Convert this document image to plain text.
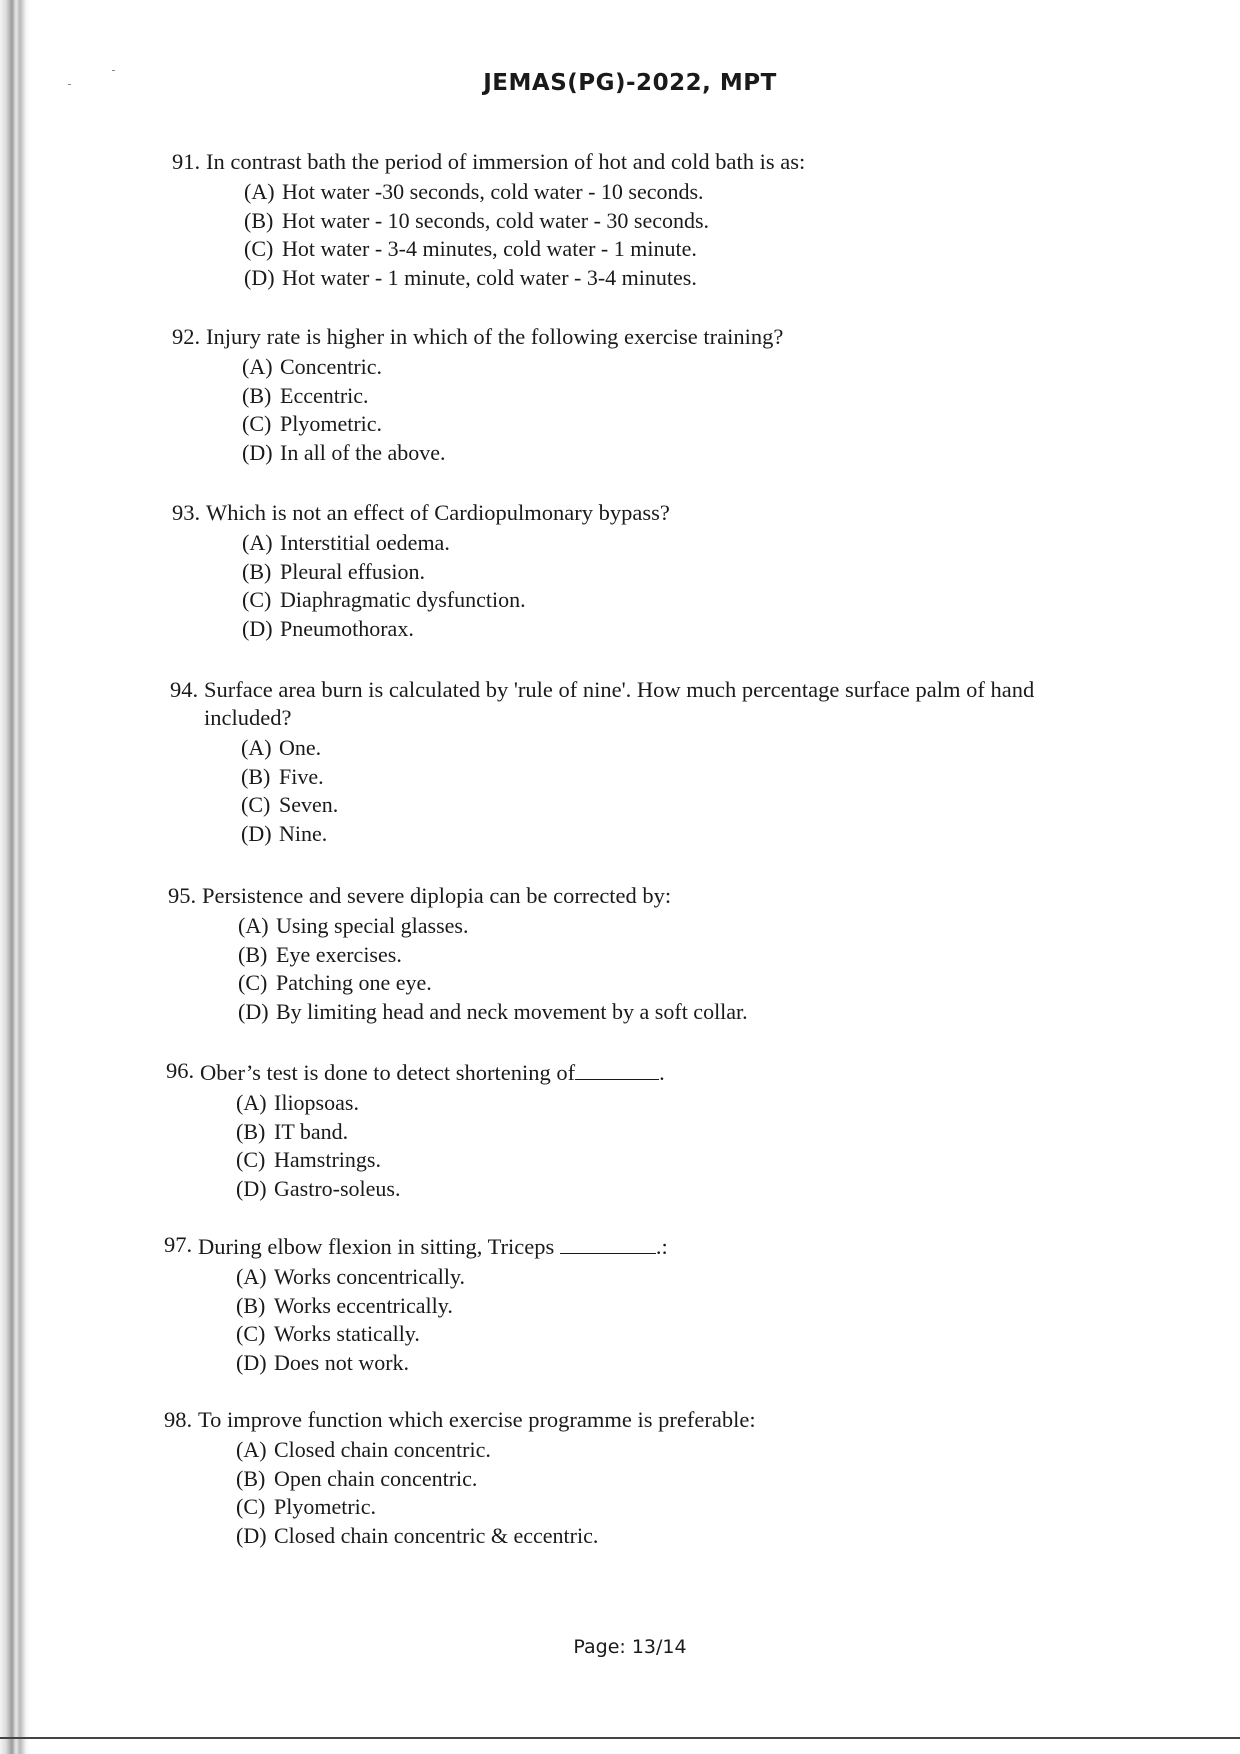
JEMAS(PG)-2022, MPT
91. In contrast bath the period of immersion of hot and cold bath is as:
(A) Hot water -30 seconds, cold water - 10 seconds.
(B) Hot water - 10 seconds, cold water - 30 seconds.
(C) Hot water - 3-4 minutes, cold water - 1 minute.
(D) Hot water - 1 minute, cold water - 3-4 minutes.
92. Injury rate is higher in which of the following exercise training?
(A) Concentric.
(B) Eccentric.
(C) Plyometric.
(D) In all of the above.
93. Which is not an effect of Cardiopulmonary bypass?
(A) Interstitial oedema.
(B) Pleural effusion.
(C) Diaphragmatic dysfunction.
(D) Pneumothorax.
94. Surface area burn is calculated by 'rule of nine'. How much percentage surface palm of hand included?
(A) One.
(B) Five.
(C) Seven.
(D) Nine.
95. Persistence and severe diplopia can be corrected by:
(A) Using special glasses.
(B) Eye exercises.
(C) Patching one eye.
(D) By limiting head and neck movement by a soft collar.
96. Ober’s test is done to detect shortening of	.
(A) Iliopsoas.
(B) IT band.
(C) Hamstrings.
(D) Gastro-soleus.
97. During elbow flexion in sitting, Triceps	.:
(A) Works concentrically.
(B) Works eccentrically.
(C) Works statically.
(D) Does not work.
98. To improve function which exercise programme is preferable:
(A) Closed chain concentric.
(B) Open chain concentric.
(C) Plyometric.
(D) Closed chain concentric & eccentric.
Page: 13/14
